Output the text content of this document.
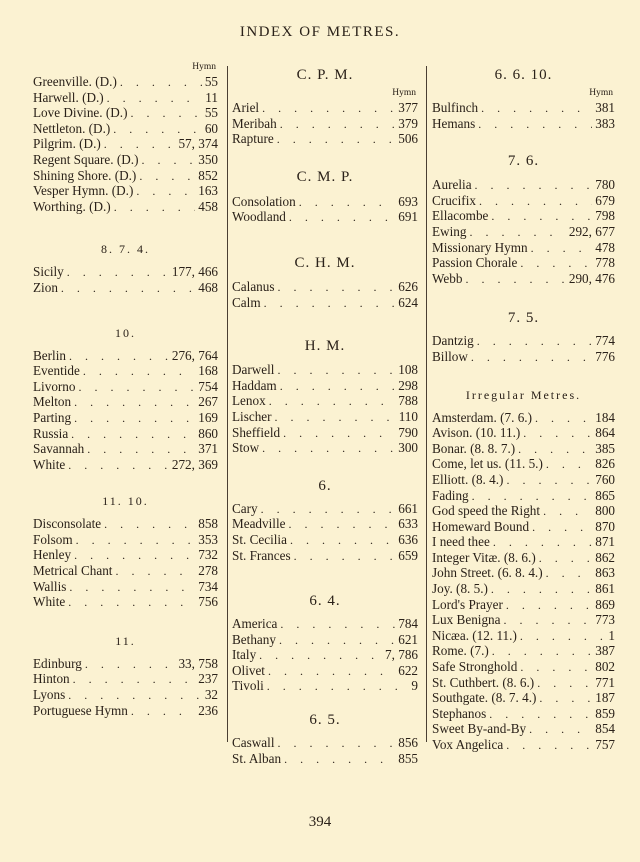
INDEX OF METRES.
Hymn
Greenville. (D.) . . .	55
Harwell. (D.) . . .	11
Love Divine. (D.) . . .	55
Nettleton. (D.) . . .	60
Pilgrim. (D.) . . .	57, 374
Regent Square. (D.) . . .	350
Shining Shore. (D.) . . .	852
Vesper Hymn. (D.) . . .	163
Worthing. (D.) . . .	458
8. 7. 4.
Sicily . . .	177, 466
Zion . . .	468
10.
Berlin . . .	276, 764
Eventide . . .	168
Livorno . . .	754
Melton . . .	267
Parting . . .	169
Russia . . .	860
Savannah . . .	371
White . . .	272, 369
11. 10.
Disconsolate . . .	858
Folsom . . .	353
Henley . . .	732
Metrical Chant . . .	278
Wallis . . .	734
White . . .	756
11.
Edinburg . . .	33, 758
Hinton . . .	237
Lyons . . .	32
Portuguese Hymn . . .	236
C. P. M.
Hymn
Ariel . . .	377
Meribah . . .	379
Rapture . . .	506
C. M. P.
Consolation . . .	693
Woodland . . .	691
C. H. M.
Calanus . . .	626
Calm . . .	624
H. M.
Darwell . . .	108
Haddam . . .	298
Lenox . . .	788
Lischer . . .	110
Sheffield . . .	790
Stow . . .	300
6.
Cary . . .	661
Meadville . . .	633
St. Cecilia . . .	636
St. Frances . . .	659
6. 4.
America . . .	784
Bethany . . .	621
Italy . . .	7, 786
Olivet . . .	622
Tivoli . . .	9
6. 5.
Caswall . . .	856
St. Alban . . .	855
6. 6. 10.
Hymn
Bulfinch . . .	381
Hemans . . .	383
7. 6.
Aurelia . . .	780
Crucifix . . .	679
Ellacombe . . .	798
Ewing . . .	292, 677
Missionary Hymn . . .	478
Passion Chorale . . .	778
Webb . . .	290, 476
7. 5.
Dantzig . . .	774
Billow . . .	776
Irregular Metres.
Amsterdam. (7. 6.) . . .	184
Avison. (10. 11.) . . .	864
Bonar. (8. 8. 7.) . . .	385
Come, let us. (11. 5.) . . .	826
Elliott. (8. 4.) . . .	760
Fading . . .	865
God speed the Right . . .	800
Homeward Bound . . .	870
I need thee . . .	871
Integer Vitæ. (8. 6.) . . .	862
John Street. (6. 8. 4.) . . .	863
Joy. (8. 5.) . . .	861
Lord's Prayer . . .	869
Lux Benigna . . .	773
Nicæa. (12. 11.) . . .	1
Rome. (7.) . . .	387
Safe Stronghold . . .	802
St. Cuthbert. (8. 6.) . . .	771
Southgate. (8. 7. 4.) . . .	187
Stephanos . . .	859
Sweet By-and-By . . .	854
Vox Angelica . . .	757
394
